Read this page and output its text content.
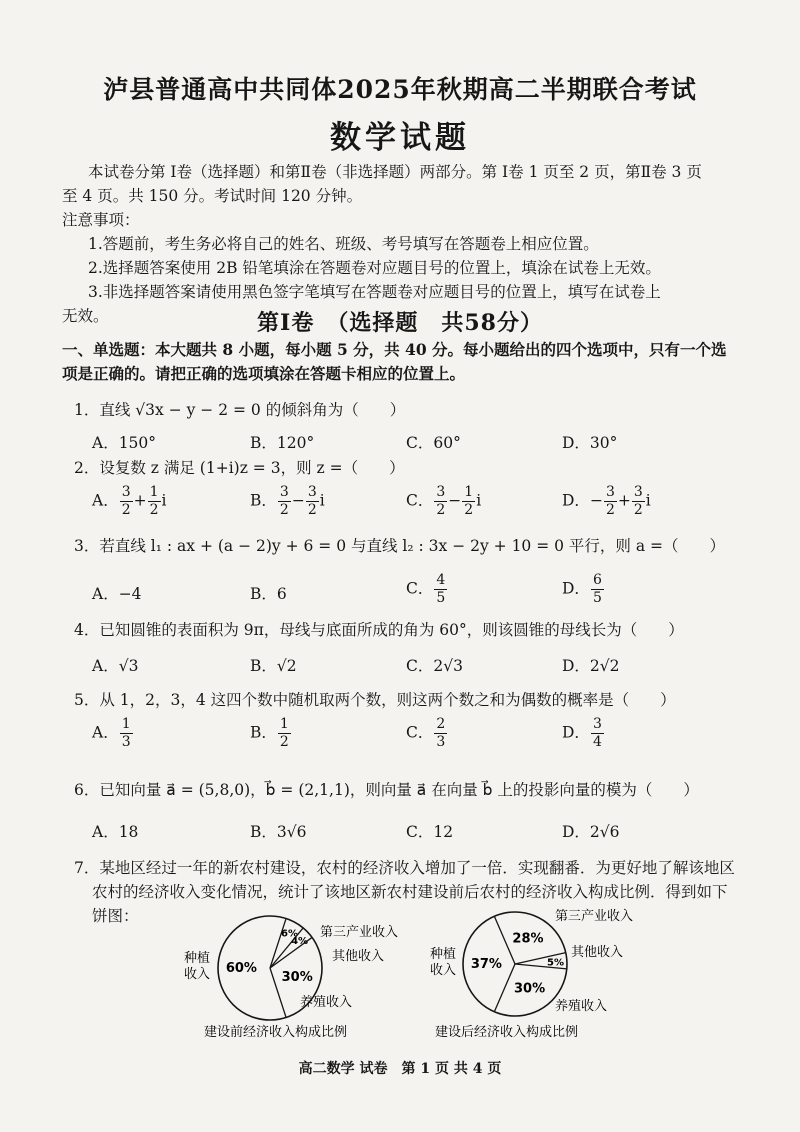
泸县普通高中共同体2025年秋期高二半期联合考试
数学试题
本试卷分第 Ⅰ卷（选择题）和第Ⅱ卷（非选择题）两部分。第 Ⅰ卷 1 页至 2 页，第Ⅱ卷 3 页
至 4 页。共 150 分。考试时间 120 分钟。
注意事项：
1.答题前，考生务必将自己的姓名、班级、考号填写在答题卷上相应位置。
2.选择题答案使用 2B 铅笔填涂在答题卷对应题目号的位置上，填涂在试卷上无效。
3.非选择题答案请使用黑色签字笔填写在答题卷对应题目号的位置上，填写在试卷上
无效。	第Ⅰ卷　（选择题　共58分）
一、单选题：本大题共 8 小题，每小题 5 分，共 40 分。每小题给出的四个选项中，只有一个选
项是正确的。请把正确的选项填涂在答题卡相应的位置上。
1．直线 √3x − y − 2 = 0 的倾斜角为（　　）
A．150°	B．120°	C．60°	D．30°
2．设复数 z 满足 (1+i)z = 3，则 z =（　　）
A． $\frac{3}{2} + \frac{1}{2}$ i	B． $\frac{3}{2} - \frac{3}{2}$ i	C． $\frac{3}{2} - \frac{1}{2}$ i	D．− $\frac{3}{2} + \frac{3}{2}$ i
3．若直线 l₁ : ax + (a − 2)y + 6 = 0 与直线 l₂ : 3x − 2y + 10 = 0 平行，则 a =（　　）
A．−4	B．6	C． $\frac{4}{5}$	D． $\frac{6}{5}$
4．已知圆锥的表面积为 9π，母线与底面所成的角为 60°，则该圆锥的母线长为（　　）
A．√3	B．√2	C．2√3	D．2√2
5．从 1，2，3，4 这四个数中随机取两个数，则这两个数之和为偶数的概率是（　　）
A． $\frac{1}{3}$	B． $\frac{1}{2}$	C． $\frac{2}{3}$	D． $\frac{3}{4}$
6．已知向量 a⃗ = (5,8,0)，b⃗ = (2,1,1)，则向量 a⃗ 在向量 b⃗ 上的投影向量的模为（　　）
A．18	B．3√6	C．12	D．2√6
7．某地区经过一年的新农村建设，农村的经济收入增加了一倍．实现翻番．为更好地了解该地区
农村的经济收入变化情况，统计了该地区新农村建设前后农村的经济收入构成比例．得到如下
饼图：
60%
6%
4%
30%
种植
收入
第三产业收入
其他收入
养殖收入
建设前经济收入构成比例
37%
28%
5%
30%
种植
收入
第三产业收入
其他收入
养殖收入
建设后经济收入构成比例
高二数学 试卷　第 1 页 共 4 页
